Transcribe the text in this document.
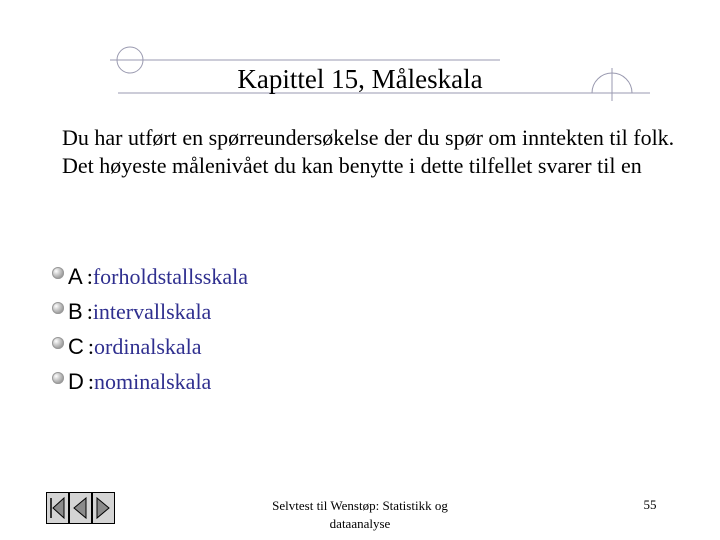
Kapittel 15, Måleskala
Du har utført en spørreundersøkelse der du spør om inntekten til folk. Det høyeste målenivået du kan benytte i dette tilfellet svarer til en
A : forholdstallsskala
B : intervallskala
C : ordinalskala
D : nominalskala
Selvtest til Wenstøp: Statistikk og
dataanalyse
55
